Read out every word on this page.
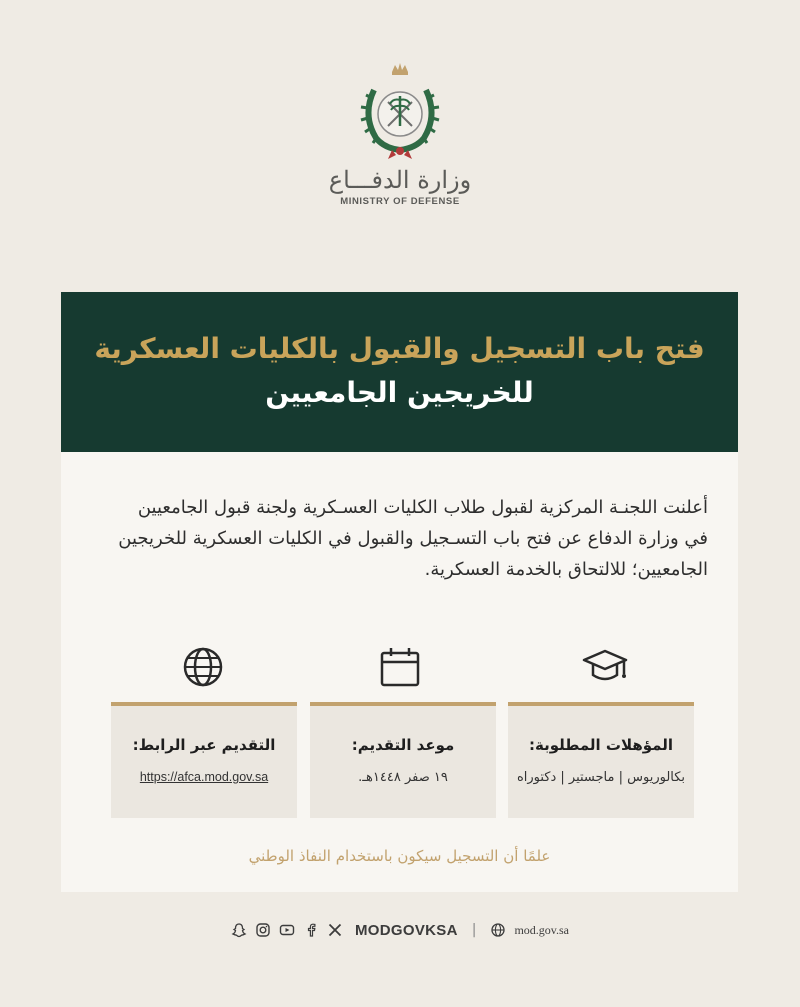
وزارة الدفـــاع
MINISTRY OF DEFENSE
فتح باب التسجيل والقبول بالكليات العسكرية
للخريجين الجامعيين
أعلنت اللجنـة المركزية لقبول طلاب الكليات العسـكرية ولجنة قبول الجامعيين
في وزارة الدفاع عن فتح باب التسـجيل والقبول في الكليات العسكرية للخريجين
الجامعيين؛ للالتحاق بالخدمة العسكرية.
المؤهلات المطلوبة:
بكالوريوس | ماجستير | دكتوراه
موعد التقديم:
١٩ صفر ١٤٤٨هـ.
التقديم عبر الرابط:
https://afca.mod.gov.sa
علمًا أن التسجيل سيكون باستخدام النفاذ الوطني
MODGOVKSA |	mod.gov.sa
